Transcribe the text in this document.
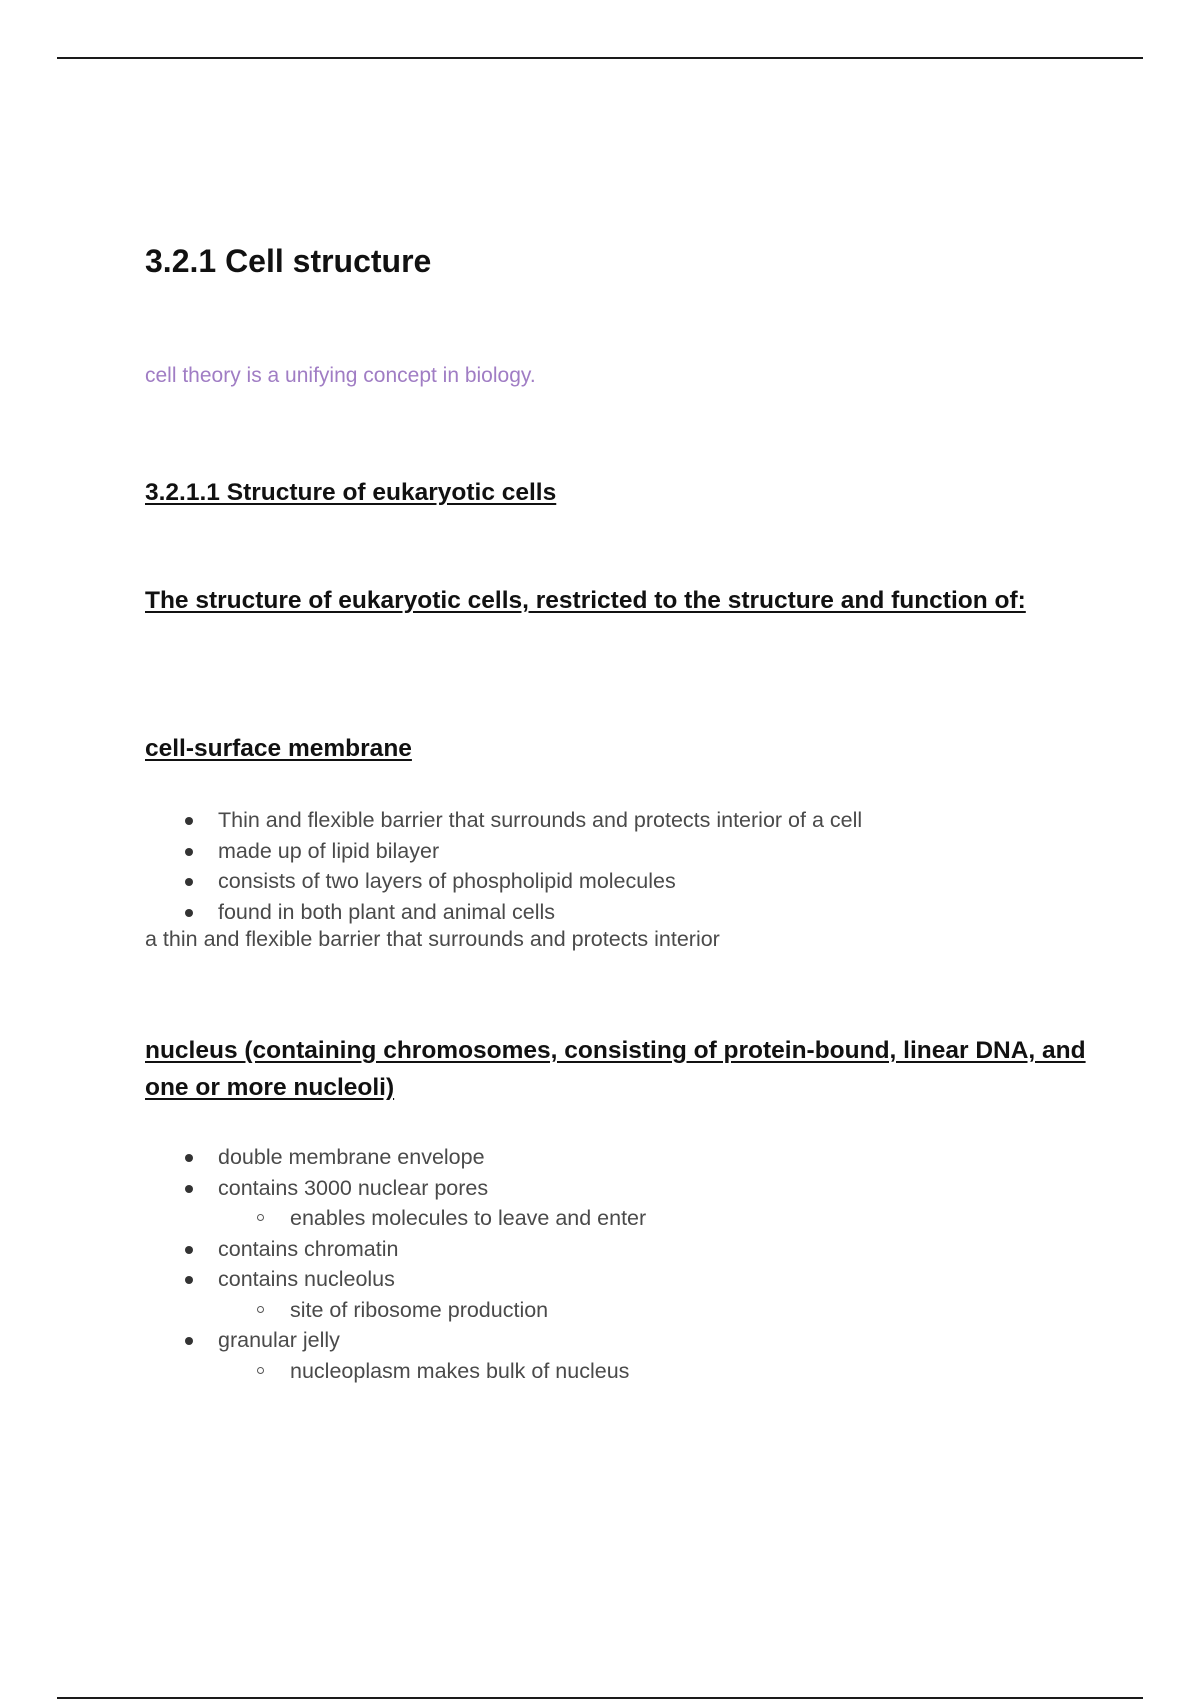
3.2.1 Cell structure

cell theory is a unifying concept in biology.

3.2.1.1 Structure of eukaryotic cells
The structure of eukaryotic cells, restricted to the structure and function of:
cell-surface membrane
Thin and flexible barrier that surrounds and protects interior of a cell
made up of lipid bilayer
consists of two layers of phospholipid molecules
found in both plant and animal cells

a thin and flexible barrier that surrounds and protects interior

nucleus (containing chromosomes, consisting of protein-bound, linear DNA, and one or more nucleoli)
double membrane envelope
contains 3000 nuclear pores
enables molecules to leave and enter
contains chromatin
contains nucleolus
site of ribosome production
granular jelly
nucleoplasm makes bulk of nucleus
